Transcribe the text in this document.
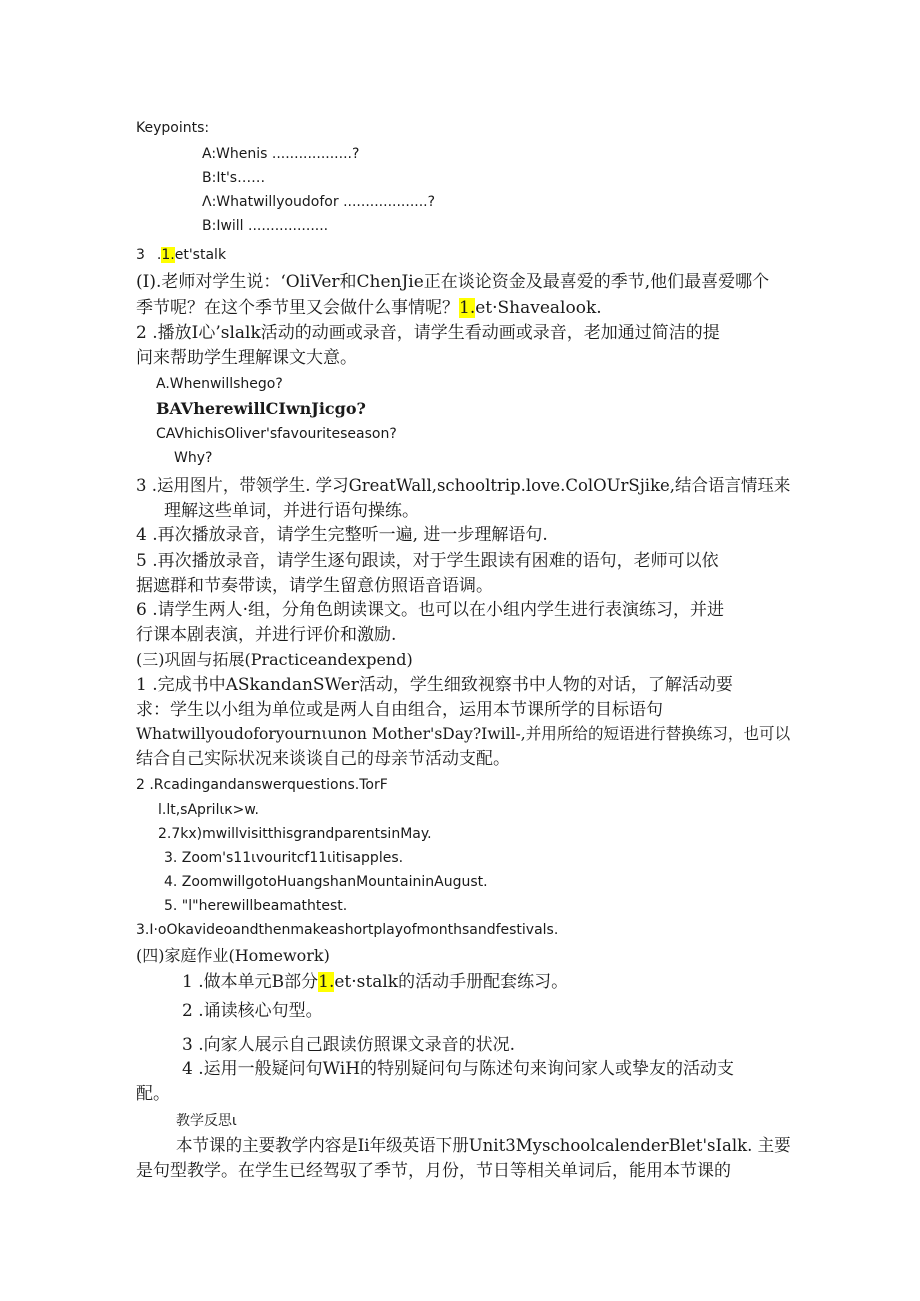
Keypoints:
A:Whenis ..................?
B:It's……
Λ:Whatwillyoudofor ...................?
B:Iwill ..................
3 .1.et'stalk
(I).老师对学生说：‘OliVer和ChenJie正在谈论资金及最喜爱的季节,他们最喜爱哪个
季节呢？在这个季节里又会做什么事情呢？1.et·Shavealook.
2 .播放I心’slalk活动的动画或录音，请学生看动画或录音，老加通过简洁的提
问来帮助学生理解课文大意。
A.Whenwillshego?
BAVherewillCIwnJicgo?
CAVhichisOliver'sfavouriteseason?
Why?
3 .运用图片，带领学生. 学习GreatWall,schooltrip.love.ColOUrSjike,结合语言情珏来
理解这些单词，并进行语句操练。
4 .再次播放录音，请学生完整听一遍, 进一步理解语句.
5 .再次播放录音，请学生逐句跟读，对于学生跟读有困难的语句，老师可以依
据遮群和节奏带读，请学生留意仿照语音语调。
6 .请学生两人·组，分角色朗读课文。也可以在小组内学生进行表演练习，并进
行课本剧表演，并进行评价和激励.
(三)巩固与拓展(Practiceandexpend)
1 .完成书中ASkandanSWer活动，学生细致视察书中人物的对话，了解活动要
求：学生以小组为单位或是两人自由组合，运用本节课所学的目标语句
Whatwillyoudoforyournιunon Mother'sDay?Iwill-,并用所给的短语进行替换练习，也可以
结合自己实际状况来谈谈自己的母亲节活动支配。
2 .Rcadingandanswerquestions.TorF
l.lt,sAprilιк>w.
2.7kx)mwillvisitthisgrandparentsinMay.
3. Zoom's11ιvouritcf11ιitisapples.
4. ZoomwillgotoHuangshanMountaininAugust.
5. "l"herewillbeamathtest.
3.I·oOkavideoandthenmakeashortplayofmonthsandfestivals.
(四)家庭作业(Homework)
1 .做本单元B部分1.et·stalk的活动手册配套练习。
2 .诵读核心句型。
3 .向家人展示自己跟读仿照课文录音的状况.
4 .运用一般疑问句WiH的特别疑问句与陈述句来询问家人或挚友的活动支
配。
教学反思ι
本节课的主要教学内容是Ii年级英语下册Unit3MyschoolcalenderBlet'sIalk. 主要
是句型教学。在学生已经驾驭了季节，月份，节日等相关单词后，能用本节课的
